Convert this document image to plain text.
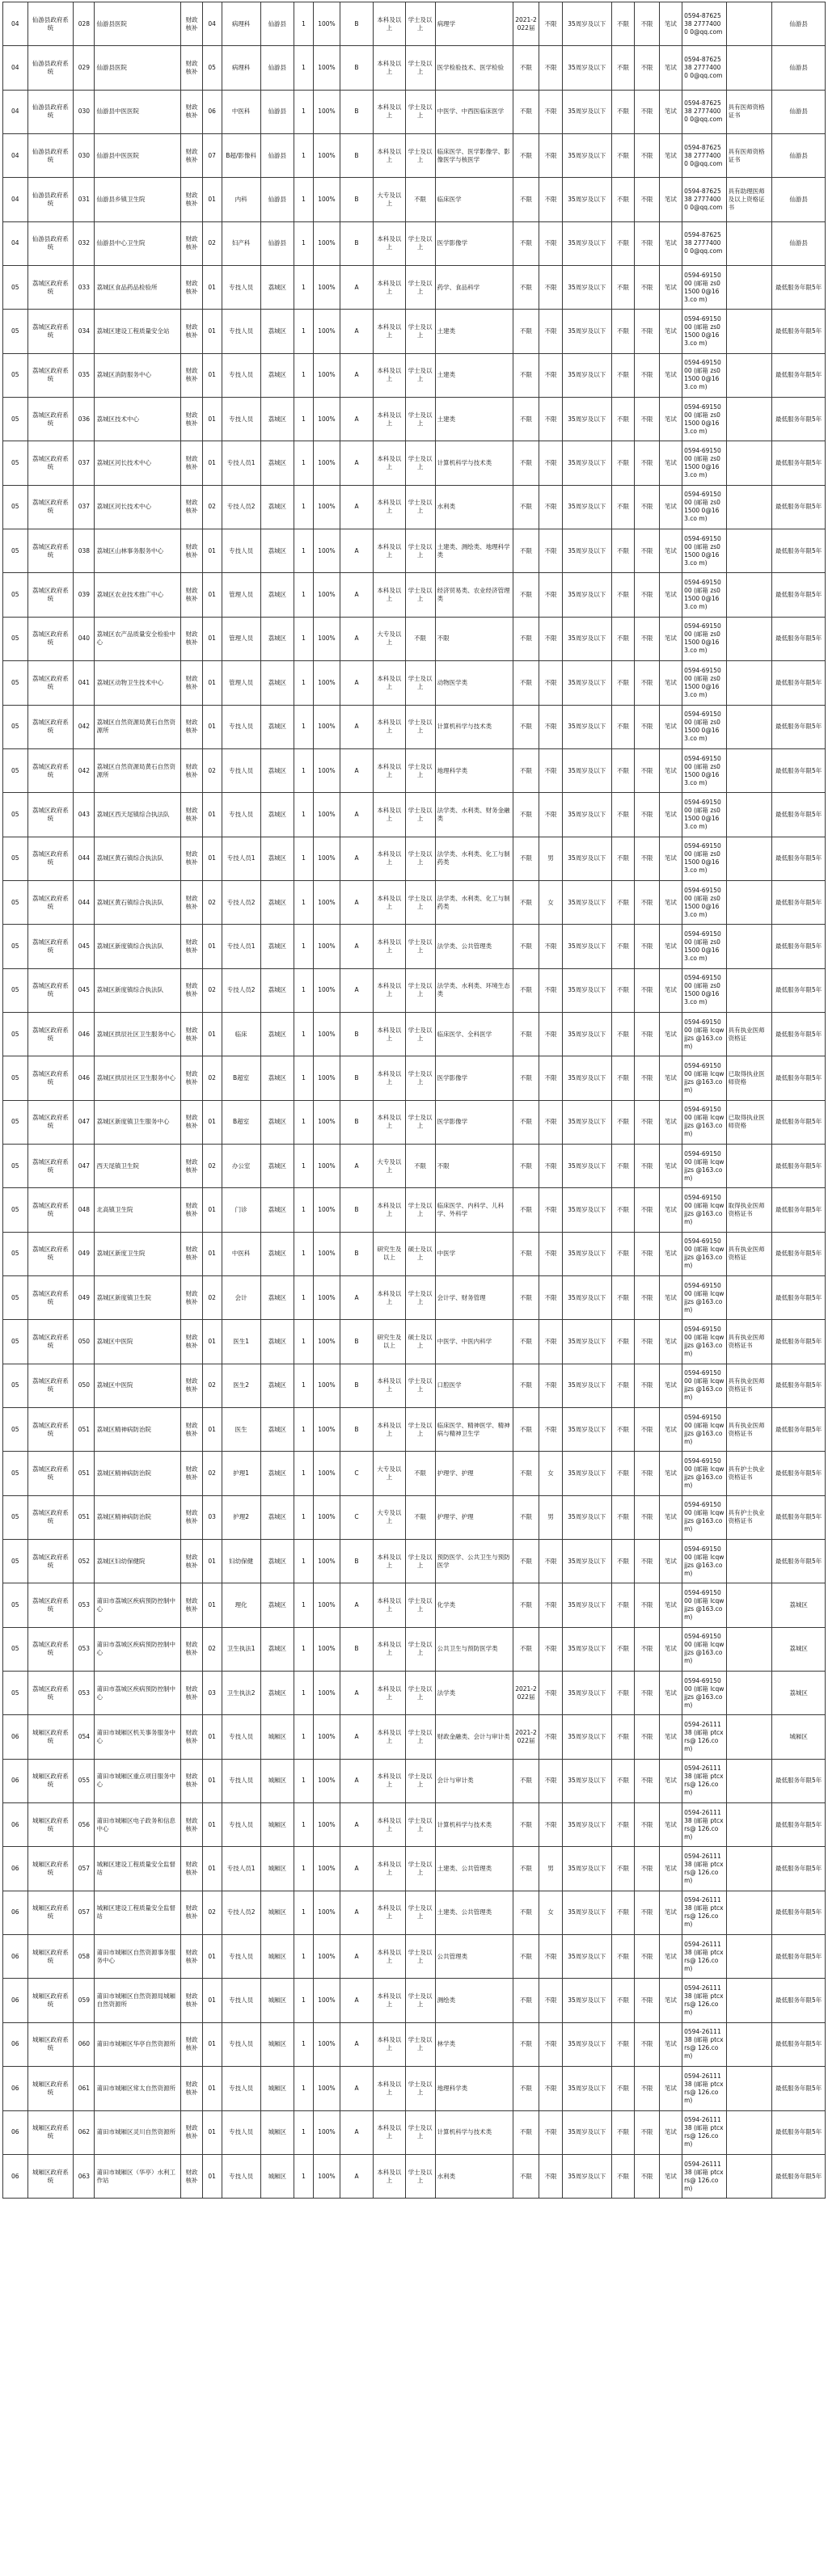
04	仙游县政府系统	028	仙游县医院	财政核补	04	病理科	仙游县	1	100%	B	本科及以上	学士及以上	病理学	2021-2022届	不限	35周岁及以下	不限	不限	笔试	0594-8762538 27774000 0@qq.com		仙游县
04	仙游县政府系统	029	仙游县医院	财政核补	05	病理科	仙游县	1	100%	B	本科及以上	学士及以上	医学检验技术、医学检验	不限	不限	35周岁及以下	不限	不限	笔试	0594-8762538 27774000 0@qq.com		仙游县
04	仙游县政府系统	030	仙游县中医医院	财政核补	06	中医科	仙游县	1	100%	B	本科及以上	学士及以上	中医学、中西医临床医学	不限	不限	35周岁及以下	不限	不限	笔试	0594-8762538 27774000 0@qq.com	具有医师资格证书	仙游县
04	仙游县政府系统	030	仙游县中医医院	财政核补	07	B超/影像科	仙游县	1	100%	B	本科及以上	学士及以上	临床医学、医学影像学、影像医学与核医学	不限	不限	35周岁及以下	不限	不限	笔试	0594-8762538 27774000 0@qq.com	具有医师资格证书	仙游县
04	仙游县政府系统	031	仙游县乡镇卫生院	财政核补	01	内科	仙游县	1	100%	B	大专及以上	不限	临床医学	不限	不限	35周岁及以下	不限	不限	笔试	0594-8762538 27774000 0@qq.com	具有助理医师及以上资格证书	仙游县
04	仙游县政府系统	032	仙游县中心卫生院	财政核补	02	妇产科	仙游县	1	100%	B	本科及以上	学士及以上	医学影像学	不限	不限	35周岁及以下	不限	不限	笔试	0594-8762538 27774000 0@qq.com		仙游县
05	荔城区政府系统	033	荔城区食品药品检验所	财政核补	01	专技人员	荔城区	1	100%	A	本科及以上	学士及以上	药学、食品科学	不限	不限	35周岁及以下	不限	不限	笔试	0594-6915000 (邮箱 zs01500 0@163.co m)		最低服务年限5年
05	荔城区政府系统	034	荔城区建设工程质量安全站	财政核补	01	专技人员	荔城区	1	100%	A	本科及以上	学士及以上	土建类	不限	不限	35周岁及以下	不限	不限	笔试	0594-6915000 (邮箱 zs01500 0@163.co m)		最低服务年限5年
05	荔城区政府系统	035	荔城区消防服务中心	财政核补	01	专技人员	荔城区	1	100%	A	本科及以上	学士及以上	土建类	不限	不限	35周岁及以下	不限	不限	笔试	0594-6915000 (邮箱 zs01500 0@163.co m)		最低服务年限5年
05	荔城区政府系统	036	荔城区技术中心	财政核补	01	专技人员	荔城区	1	100%	A	本科及以上	学士及以上	土建类	不限	不限	35周岁及以下	不限	不限	笔试	0594-6915000 (邮箱 zs01500 0@163.co m)		最低服务年限5年
05	荔城区政府系统	037	荔城区河长技术中心	财政核补	01	专技人员1	荔城区	1	100%	A	本科及以上	学士及以上	计算机科学与技术类	不限	不限	35周岁及以下	不限	不限	笔试	0594-6915000 (邮箱 zs01500 0@163.co m)		最低服务年限5年
05	荔城区政府系统	037	荔城区河长技术中心	财政核补	02	专技人员2	荔城区	1	100%	A	本科及以上	学士及以上	水利类	不限	不限	35周岁及以下	不限	不限	笔试	0594-6915000 (邮箱 zs01500 0@163.co m)		最低服务年限5年
05	荔城区政府系统	038	荔城区山林事务服务中心	财政核补	01	专技人员	荔城区	1	100%	A	本科及以上	学士及以上	土建类、测绘类、地理科学类	不限	不限	35周岁及以下	不限	不限	笔试	0594-6915000 (邮箱 zs01500 0@163.co m)		最低服务年限5年
05	荔城区政府系统	039	荔城区农业技术推广中心	财政核补	01	管理人员	荔城区	1	100%	A	本科及以上	学士及以上	经济贸易类、农业经济管理类	不限	不限	35周岁及以下	不限	不限	笔试	0594-6915000 (邮箱 zs01500 0@163.co m)		最低服务年限5年
05	荔城区政府系统	040	荔城区农产品质量安全检验中心	财政核补	01	管理人员	荔城区	1	100%	A	大专及以上	不限	不限	不限	不限	35周岁及以下	不限	不限	笔试	0594-6915000 (邮箱 zs01500 0@163.co m)		最低服务年限5年
05	荔城区政府系统	041	荔城区动物卫生技术中心	财政核补	01	管理人员	荔城区	1	100%	A	本科及以上	学士及以上	动物医学类	不限	不限	35周岁及以下	不限	不限	笔试	0594-6915000 (邮箱 zs01500 0@163.co m)		最低服务年限5年
05	荔城区政府系统	042	荔城区自然资源局黄石自然资源所	财政核补	01	专技人员	荔城区	1	100%	A	本科及以上	学士及以上	计算机科学与技术类	不限	不限	35周岁及以下	不限	不限	笔试	0594-6915000 (邮箱 zs01500 0@163.co m)		最低服务年限5年
05	荔城区政府系统	042	荔城区自然资源局黄石自然资源所	财政核补	02	专技人员	荔城区	1	100%	A	本科及以上	学士及以上	地理科学类	不限	不限	35周岁及以下	不限	不限	笔试	0594-6915000 (邮箱 zs01500 0@163.co m)		最低服务年限5年
05	荔城区政府系统	043	荔城区西天尾镇综合执法队	财政核补	01	专技人员	荔城区	1	100%	A	本科及以上	学士及以上	法学类、水利类、财务金融类	不限	不限	35周岁及以下	不限	不限	笔试	0594-6915000 (邮箱 zs01500 0@163.co m)		最低服务年限5年
05	荔城区政府系统	044	荔城区黄石镇综合执法队	财政核补	01	专技人员1	荔城区	1	100%	A	本科及以上	学士及以上	法学类、水利类、化工与制药类	不限	男	35周岁及以下	不限	不限	笔试	0594-6915000 (邮箱 zs01500 0@163.co m)		最低服务年限5年
05	荔城区政府系统	044	荔城区黄石镇综合执法队	财政核补	02	专技人员2	荔城区	1	100%	A	本科及以上	学士及以上	法学类、水利类、化工与制药类	不限	女	35周岁及以下	不限	不限	笔试	0594-6915000 (邮箱 zs01500 0@163.co m)		最低服务年限5年
05	荔城区政府系统	045	荔城区新度镇综合执法队	财政核补	01	专技人员1	荔城区	1	100%	A	本科及以上	学士及以上	法学类、公共管理类	不限	不限	35周岁及以下	不限	不限	笔试	0594-6915000 (邮箱 zs01500 0@163.co m)		最低服务年限5年
05	荔城区政府系统	045	荔城区新度镇综合执法队	财政核补	02	专技人员2	荔城区	1	100%	A	本科及以上	学士及以上	法学类、水利类、环境生态类	不限	不限	35周岁及以下	不限	不限	笔试	0594-6915000 (邮箱 zs01500 0@163.co m)		最低服务年限5年
05	荔城区政府系统	046	荔城区拱辰社区卫生服务中心	财政核补	01	临床	荔城区	1	100%	B	本科及以上	学士及以上	临床医学、全科医学	不限	不限	35周岁及以下	不限	不限	笔试	0594-6915000 (邮箱 lcqwjjzs @163.co m)	具有执业医师资格证	最低服务年限5年
05	荔城区政府系统	046	荔城区拱辰社区卫生服务中心	财政核补	02	B超室	荔城区	1	100%	B	本科及以上	学士及以上	医学影像学	不限	不限	35周岁及以下	不限	不限	笔试	0594-6915000 (邮箱 lcqwjjzs @163.co m)	已取得执业医师资格	最低服务年限5年
05	荔城区政府系统	047	荔城区新度镇卫生服务中心	财政核补	01	B超室	荔城区	1	100%	B	本科及以上	学士及以上	医学影像学	不限	不限	35周岁及以下	不限	不限	笔试	0594-6915000 (邮箱 lcqwjjzs @163.co m)	已取得执业医师资格	最低服务年限5年
05	荔城区政府系统	047	西天尾镇卫生院	财政核补	02	办公室	荔城区	1	100%	A	大专及以上	不限	不限	不限	不限	35周岁及以下	不限	不限	笔试	0594-6915000 (邮箱 lcqwjjzs @163.co m)		最低服务年限5年
05	荔城区政府系统	048	北高镇卫生院	财政核补	01	门诊	荔城区	1	100%	B	本科及以上	学士及以上	临床医学、内科学、儿科学、外科学	不限	不限	35周岁及以下	不限	不限	笔试	0594-6915000 (邮箱 lcqwjjzs @163.co m)	取得执业医师资格证书	最低服务年限5年
05	荔城区政府系统	049	荔城区新度卫生院	财政核补	01	中医科	荔城区	1	100%	B	研究生及以上	硕士及以上	中医学	不限	不限	35周岁及以下	不限	不限	笔试	0594-6915000 (邮箱 lcqwjjzs @163.co m)	具有执业医师资格证	最低服务年限5年
05	荔城区政府系统	049	荔城区新度镇卫生院	财政核补	02	会计	荔城区	1	100%	A	本科及以上	学士及以上	会计学、财务管理	不限	不限	35周岁及以下	不限	不限	笔试	0594-6915000 (邮箱 lcqwjjzs @163.co m)		最低服务年限5年
05	荔城区政府系统	050	荔城区中医院	财政核补	01	医生1	荔城区	1	100%	B	研究生及以上	硕士及以上	中医学、中医内科学	不限	不限	35周岁及以下	不限	不限	笔试	0594-6915000 (邮箱 lcqwjjzs @163.co m)	具有执业医师资格证书	最低服务年限5年
05	荔城区政府系统	050	荔城区中医院	财政核补	02	医生2	荔城区	1	100%	B	本科及以上	学士及以上	口腔医学	不限	不限	35周岁及以下	不限	不限	笔试	0594-6915000 (邮箱 lcqwjjzs @163.co m)	具有执业医师资格证书	最低服务年限5年
05	荔城区政府系统	051	荔城区精神病防治院	财政核补	01	医生	荔城区	1	100%	B	本科及以上	学士及以上	临床医学、精神医学、精神病与精神卫生学	不限	不限	35周岁及以下	不限	不限	笔试	0594-6915000 (邮箱 lcqwjjzs @163.co m)	具有执业医师资格证书	最低服务年限5年
05	荔城区政府系统	051	荔城区精神病防治院	财政核补	02	护理1	荔城区	1	100%	C	大专及以上	不限	护理学、护理	不限	女	35周岁及以下	不限	不限	笔试	0594-6915000 (邮箱 lcqwjjzs @163.co m)	具有护士执业资格证书	最低服务年限5年
05	荔城区政府系统	051	荔城区精神病防治院	财政核补	03	护理2	荔城区	1	100%	C	大专及以上	不限	护理学、护理	不限	男	35周岁及以下	不限	不限	笔试	0594-6915000 (邮箱 lcqwjjzs @163.co m)	具有护士执业资格证书	最低服务年限5年
05	荔城区政府系统	052	荔城区妇幼保健院	财政核补	01	妇幼保健	荔城区	1	100%	B	本科及以上	学士及以上	预防医学、公共卫生与预防医学	不限	不限	35周岁及以下	不限	不限	笔试	0594-6915000 (邮箱 lcqwjjzs @163.co m)		最低服务年限5年
05	荔城区政府系统	053	莆田市荔城区疾病预防控制中心	财政核补	01	理化	荔城区	1	100%	A	本科及以上	学士及以上	化学类	不限	不限	35周岁及以下	不限	不限	笔试	0594-6915000 (邮箱 lcqwjjzs @163.co m)		荔城区
05	荔城区政府系统	053	莆田市荔城区疾病预防控制中心	财政核补	02	卫生执法1	荔城区	1	100%	B	本科及以上	学士及以上	公共卫生与预防医学类	不限	不限	35周岁及以下	不限	不限	笔试	0594-6915000 (邮箱 lcqwjjzs @163.co m)		荔城区
05	荔城区政府系统	053	莆田市荔城区疾病预防控制中心	财政核补	03	卫生执法2	荔城区	1	100%	A	本科及以上	学士及以上	法学类	2021-2022届	不限	35周岁及以下	不限	不限	笔试	0594-6915000 (邮箱 lcqwjjzs @163.co m)		荔城区
06	城厢区政府系统	054	莆田市城厢区机关事务服务中心	财政核补	01	专技人员	城厢区	1	100%	A	本科及以上	学士及以上	财政金融类、会计与审计类	2021-2022届	不限	35周岁及以下	不限	不限	笔试	0594-2611138 (邮箱 ptcxrs@ 126.com)		城厢区
06	城厢区政府系统	055	莆田市城厢区重点项目服务中心	财政核补	01	专技人员	城厢区	1	100%	A	本科及以上	学士及以上	会计与审计类	不限	不限	35周岁及以下	不限	不限	笔试	0594-2611138 (邮箱 ptcxrs@ 126.com)		最低服务年限5年
06	城厢区政府系统	056	莆田市城厢区电子政务和信息中心	财政核补	01	专技人员	城厢区	1	100%	A	本科及以上	学士及以上	计算机科学与技术类	不限	不限	35周岁及以下	不限	不限	笔试	0594-2611138 (邮箱 ptcxrs@ 126.com)		最低服务年限5年
06	城厢区政府系统	057	城厢区建设工程质量安全监督站	财政核补	01	专技人员1	城厢区	1	100%	A	本科及以上	学士及以上	土建类、公共管理类	不限	男	35周岁及以下	不限	不限	笔试	0594-2611138 (邮箱 ptcxrs@ 126.com)		最低服务年限5年
06	城厢区政府系统	057	城厢区建设工程质量安全监督站	财政核补	02	专技人员2	城厢区	1	100%	A	本科及以上	学士及以上	土建类、公共管理类	不限	女	35周岁及以下	不限	不限	笔试	0594-2611138 (邮箱 ptcxrs@ 126.com)		最低服务年限5年
06	城厢区政府系统	058	莆田市城厢区自然资源事务服务中心	财政核补	01	专技人员	城厢区	1	100%	A	本科及以上	学士及以上	公共管理类	不限	不限	35周岁及以下	不限	不限	笔试	0594-2611138 (邮箱 ptcxrs@ 126.com)		最低服务年限5年
06	城厢区政府系统	059	莆田市城厢区自然资源局城厢自然资源所	财政核补	01	专技人员	城厢区	1	100%	A	本科及以上	学士及以上	测绘类	不限	不限	35周岁及以下	不限	不限	笔试	0594-2611138 (邮箱 ptcxrs@ 126.com)		最低服务年限5年
06	城厢区政府系统	060	莆田市城厢区华亭自然资源所	财政核补	01	专技人员	城厢区	1	100%	A	本科及以上	学士及以上	林学类	不限	不限	35周岁及以下	不限	不限	笔试	0594-2611138 (邮箱 ptcxrs@ 126.com)		最低服务年限5年
06	城厢区政府系统	061	莆田市城厢区常太自然资源所	财政核补	01	专技人员	城厢区	1	100%	A	本科及以上	学士及以上	地理科学类	不限	不限	35周岁及以下	不限	不限	笔试	0594-2611138 (邮箱 ptcxrs@ 126.com)		最低服务年限5年
06	城厢区政府系统	062	莆田市城厢区灵川自然资源所	财政核补	01	专技人员	城厢区	1	100%	A	本科及以上	学士及以上	计算机科学与技术类	不限	不限	35周岁及以下	不限	不限	笔试	0594-2611138 (邮箱 ptcxrs@ 126.com)		最低服务年限5年
06	城厢区政府系统	063	莆田市城厢区（华亭）水利工作站	财政核补	01	专技人员	城厢区	1	100%	A	本科及以上	学士及以上	水利类	不限	不限	35周岁及以下	不限	不限	笔试	0594-2611138 (邮箱 ptcxrs@ 126.com)		最低服务年限5年
